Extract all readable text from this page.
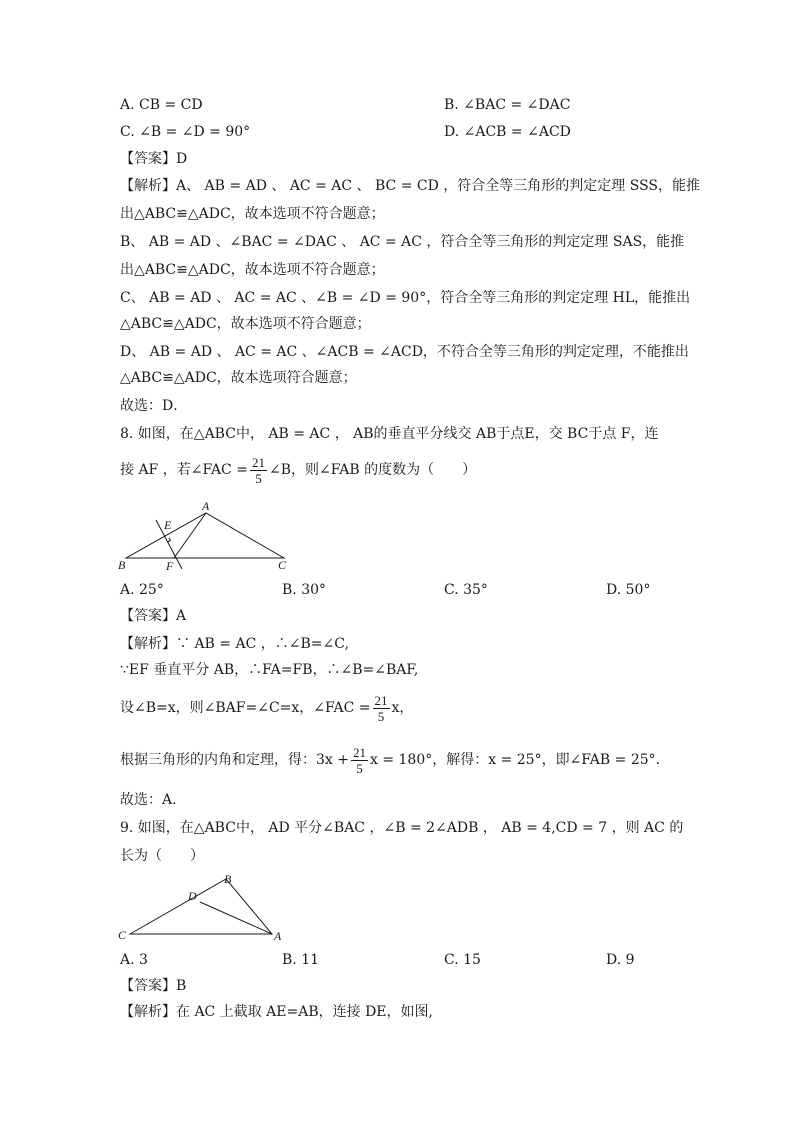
A. CB = CD	B. ∠BAC = ∠DAC
C. ∠B = ∠D = 90°	D. ∠ACB = ∠ACD
【答案】D
【解析】A、 AB = AD 、 AC = AC 、 BC = CD ，符合全等三角形的判定定理 SSS，能推
出△ABC≌△ADC，故本选项不符合题意；
B、 AB = AD 、∠BAC = ∠DAC 、 AC = AC ，符合全等三角形的判定定理 SAS，能推
出△ABC≌△ADC，故本选项不符合题意；
C、 AB = AD 、 AC = AC 、∠B = ∠D = 90°，符合全等三角形的判定定理 HL，能推出
△ABC≌△ADC，故本选项不符合题意；
D、 AB = AD 、 AC = AC 、∠ACB = ∠ACD，不符合全等三角形的判定定理，不能推出
△ABC≌△ADC，故本选项符合题意；
故选：D．
8. 如图，在△ABC中， AB = AC ， AB的垂直平分线交 AB于点E，交 BC于点 F，连
接 AF ，若∠FAC = $\frac{21}{5}$ ∠B，则∠FAB 的度数为（　　）
A
B	C
E
F
A. 25°	B. 30°	C. 35°	D. 50°
【答案】A
【解析】∵ AB = AC ，∴∠B=∠C,
∵EF 垂直平分 AB，∴FA=FB，∴∠B=∠BAF,
设∠B=x，则∠BAF=∠C=x，∠FAC = $\frac{21}{5}$ x，
根据三角形的内角和定理，得：$3x + \frac{21}{5}$ x = 180°，解得：x = 25°，即∠FAB = 25°．
故选：A．
9. 如图，在△ABC中， AD 平分∠BAC ，∠B = 2∠ADB ， AB = 4,CD = 7 ，则 AC 的
长为（　　）
B
D
C	A
A. 3	B. 11	C. 15	D. 9
【答案】B
【解析】在 AC 上截取 AE=AB，连接 DE，如图,
